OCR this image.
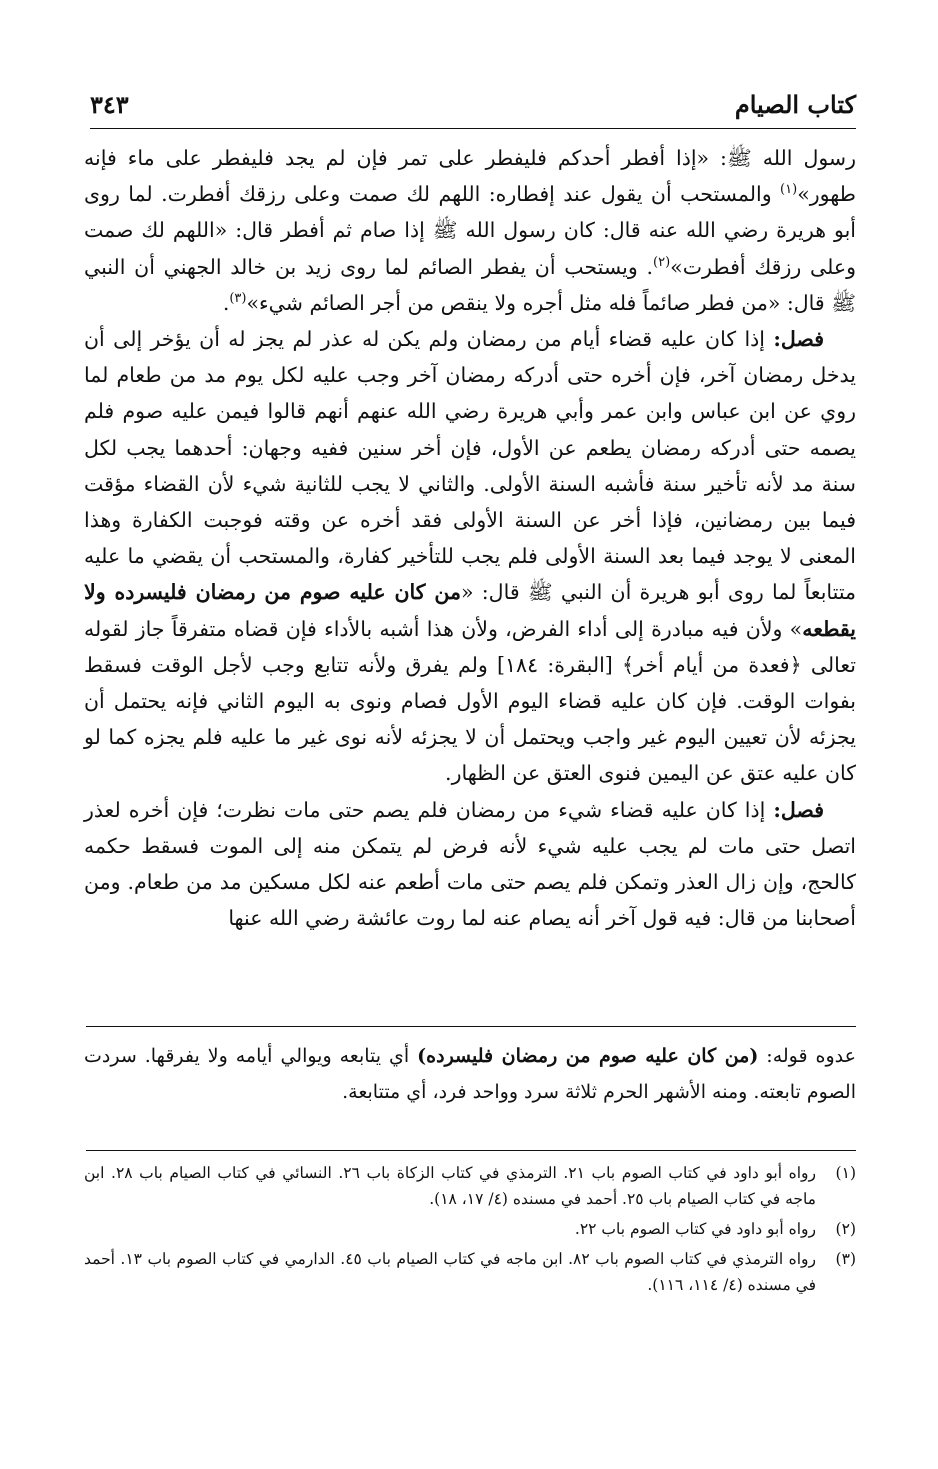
كتاب الصيام
٣٤٣

رسول الله ﷺ: «إذا أفطر أحدكم فليفطر على تمر فإن لم يجد فليفطر على ماء فإنه طهور»$^{(١)}$ والمستحب أن يقول عند إفطاره: اللهم لك صمت وعلى رزقك أفطرت. لما روى أبو هريرة رضي الله عنه قال: كان رسول الله ﷺ إذا صام ثم أفطر قال: «اللهم لك صمت وعلى رزقك أفطرت»$^{(٢)}$. ويستحب أن يفطر الصائم لما روى زيد بن خالد الجهني أن النبي ﷺ قال: «من فطر صائماً فله مثل أجره ولا ينقص من أجر الصائم شيء»$^{(٣)}$.

فصل: إذا كان عليه قضاء أيام من رمضان ولم يكن له عذر لم يجز له أن يؤخر إلى أن يدخل رمضان آخر، فإن أخره حتى أدركه رمضان آخر وجب عليه لكل يوم مد من طعام لما روي عن ابن عباس وابن عمر وأبي هريرة رضي الله عنهم أنهم قالوا فيمن عليه صوم فلم يصمه حتى أدركه رمضان يطعم عن الأول، فإن أخر سنين ففيه وجهان: أحدهما يجب لكل سنة مد لأنه تأخير سنة فأشبه السنة الأولى. والثاني لا يجب للثانية شيء لأن القضاء مؤقت فيما بين رمضانين، فإذا أخر عن السنة الأولى فقد أخره عن وقته فوجبت الكفارة وهذا المعنى لا يوجد فيما بعد السنة الأولى فلم يجب للتأخير كفارة، والمستحب أن يقضي ما عليه متتابعاً لما روى أبو هريرة أن النبي ﷺ قال: «من كان عليه صوم من رمضان فليسرده ولا يقطعه» ولأن فيه مبادرة إلى أداء الفرض، ولأن هذا أشبه بالأداء فإن قضاه متفرقاً جاز لقوله تعالى ﴿فعدة من أيام أخر﴾ [البقرة: ١٨٤] ولم يفرق ولأنه تتابع وجب لأجل الوقت فسقط بفوات الوقت. فإن كان عليه قضاء اليوم الأول فصام ونوى به اليوم الثاني فإنه يحتمل أن يجزئه لأن تعيين اليوم غير واجب ويحتمل أن لا يجزئه لأنه نوى غير ما عليه فلم يجزه كما لو كان عليه عتق عن اليمين فنوى العتق عن الظهار.

فصل: إذا كان عليه قضاء شيء من رمضان فلم يصم حتى مات نظرت؛ فإن أخره لعذر اتصل حتى مات لم يجب عليه شيء لأنه فرض لم يتمكن منه إلى الموت فسقط حكمه كالحج، وإن زال العذر وتمكن فلم يصم حتى مات أطعم عنه لكل مسكين مد من طعام. ومن أصحابنا من قال: فيه قول آخر أنه يصام عنه لما روت عائشة رضي الله عنها

عدوه قوله: (من كان عليه صوم من رمضان فليسرده) أي يتابعه ويوالي أيامه ولا يفرقها. سردت الصوم تابعته. ومنه الأشهر الحرم ثلاثة سرد وواحد فرد، أي متتابعة.

(١)
رواه أبو داود في كتاب الصوم باب ٢١. الترمذي في كتاب الزكاة باب ٢٦. النسائي في كتاب الصيام باب ٢٨. ابن ماجه في كتاب الصيام باب ٢٥. أحمد في مسنده (٤/ ١٧، ١٨).
(٢)
رواه أبو داود في كتاب الصوم باب ٢٢.
(٣)
رواه الترمذي في كتاب الصوم باب ٨٢. ابن ماجه في كتاب الصيام باب ٤٥. الدارمي في كتاب الصوم باب ١٣. أحمد في مسنده (٤/ ١١٤، ١١٦).
